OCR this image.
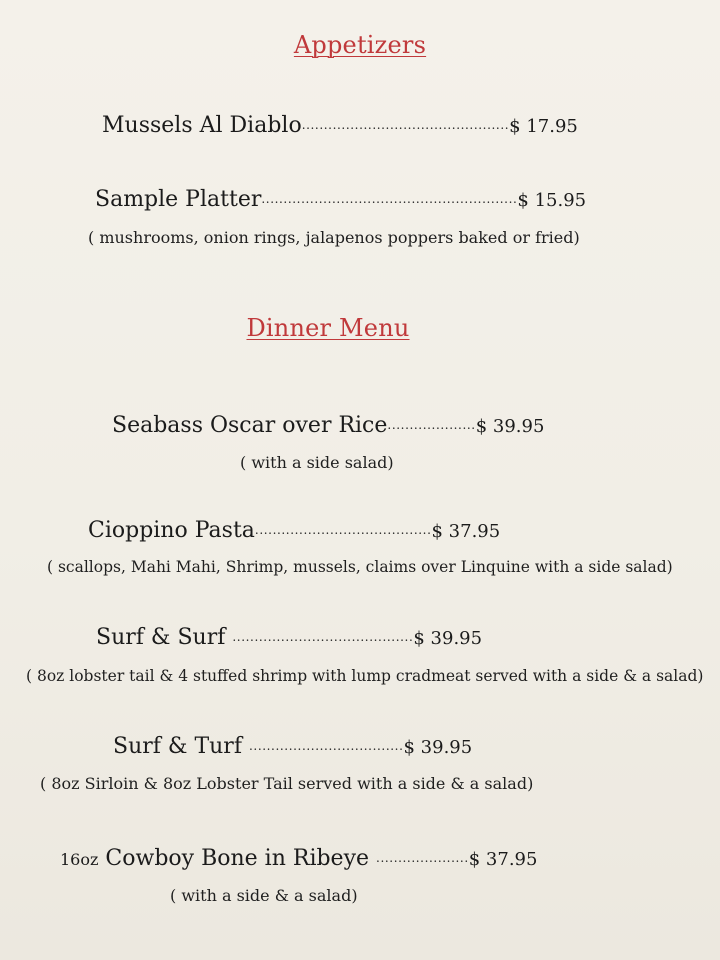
Appetizers
Mussels Al Diablo...............................................$ 17.95
Sample Platter..........................................................$ 15.95
( mushrooms, onion rings, jalapenos poppers baked or fried)
Dinner Menu
Seabass Oscar over Rice....................$ 39.95
( with a side salad)
Cioppino Pasta........................................$ 37.95
( scallops, Mahi Mahi, Shrimp, mussels, claims over Linquine with a side salad)
Surf & Surf .........................................$ 39.95
( 8oz lobster tail & 4 stuffed shrimp with lump cradmeat served with a side & a salad)
Surf & Turf ...................................$ 39.95
( 8oz Sirloin & 8oz Lobster Tail served with a side & a salad)
16oz Cowboy Bone in Ribeye .....................$ 37.95
( with a side & a salad)
